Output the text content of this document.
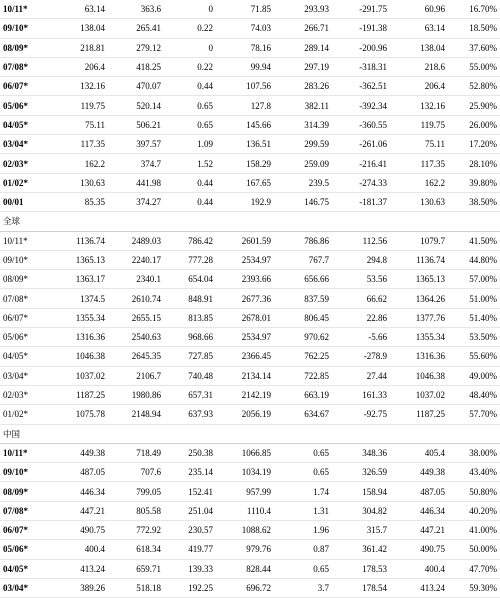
10/11*	63.14	363.6	0	71.85	293.93	-291.75	60.96	16.70%
09/10*	138.04	265.41	0.22	74.03	266.71	-191.38	63.14	18.50%
08/09*	218.81	279.12	0	78.16	289.14	-200.96	138.04	37.60%
07/08*	206.4	418.25	0.22	99.94	297.19	-318.31	218.6	55.00%
06/07*	132.16	470.07	0.44	107.56	283.26	-362.51	206.4	52.80%
05/06*	119.75	520.14	0.65	127.8	382.11	-392.34	132.16	25.90%
04/05*	75.11	506.21	0.65	145.66	314.39	-360.55	119.75	26.00%
03/04*	117.35	397.57	1.09	136.51	299.59	-261.06	75.11	17.20%
02/03*	162.2	374.7	1.52	158.29	259.09	-216.41	117.35	28.10%
01/02*	130.63	441.98	0.44	167.65	239.5	-274.33	162.2	39.80%
00/01	85.35	374.27	0.44	192.9	146.75	-181.37	130.63	38.50%
全球								
10/11*	1136.74	2489.03	786.42	2601.59	786.86	112.56	1079.7	41.50%
09/10*	1365.13	2240.17	777.28	2534.97	767.7	294.8	1136.74	44.80%
08/09*	1363.17	2340.1	654.04	2393.66	656.66	53.56	1365.13	57.00%
07/08*	1374.5	2610.74	848.91	2677.36	837.59	66.62	1364.26	51.00%
06/07*	1355.34	2655.15	813.85	2678.01	806.45	22.86	1377.76	51.40%
05/06*	1316.36	2540.63	968.66	2534.97	970.62	-5.66	1355.34	53.50%
04/05*	1046.38	2645.35	727.85	2366.45	762.25	-278.9	1316.36	55.60%
03/04*	1037.02	2106.7	740.48	2134.14	722.85	27.44	1046.38	49.00%
02/03*	1187.25	1980.86	657.31	2142.19	663.19	161.33	1037.02	48.40%
01/02*	1075.78	2148.94	637.93	2056.19	634.67	-92.75	1187.25	57.70%
中国								
10/11*	449.38	718.49	250.38	1066.85	0.65	348.36	405.4	38.00%
09/10*	487.05	707.6	235.14	1034.19	0.65	326.59	449.38	43.40%
08/09*	446.34	799.05	152.41	957.99	1.74	158.94	487.05	50.80%
07/08*	447.21	805.58	251.04	1110.4	1.31	304.82	446.34	40.20%
06/07*	490.75	772.92	230.57	1088.62	1.96	315.7	447.21	41.00%
05/06*	400.4	618.34	419.77	979.76	0.87	361.42	490.75	50.00%
04/05*	413.24	659.71	139.33	828.44	0.65	178.53	400.4	47.70%
03/04*	389.26	518.18	192.25	696.72	3.7	178.54	413.24	59.30%
